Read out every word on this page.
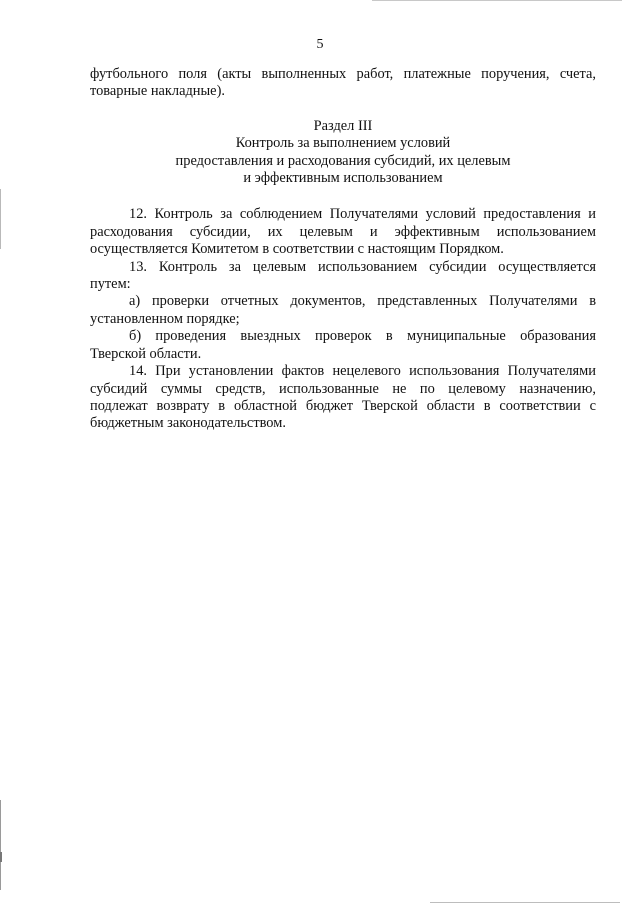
5

футбольного поля (акты выполненных работ, платежные поручения, счета,
товарные накладные).

Раздел III
Контроль за выполнением условий
предоставления и расходования субсидий, их целевым
и эффективным использованием

12. Контроль за соблюдением Получателями условий предоставления и
расходования субсидии, их целевым и эффективным использованием
осуществляется Комитетом в соответствии с настоящим Порядком.

13. Контроль за целевым использованием субсидии осуществляется
путем:

а) проверки отчетных документов, представленных Получателями в
установленном порядке;

б) проведения выездных проверок в муниципальные образования
Тверской области.

14. При установлении фактов нецелевого использования Получателями
субсидий суммы средств, использованные не по целевому назначению,
подлежат возврату в областной бюджет Тверской области в соответствии с
бюджетным законодательством.
